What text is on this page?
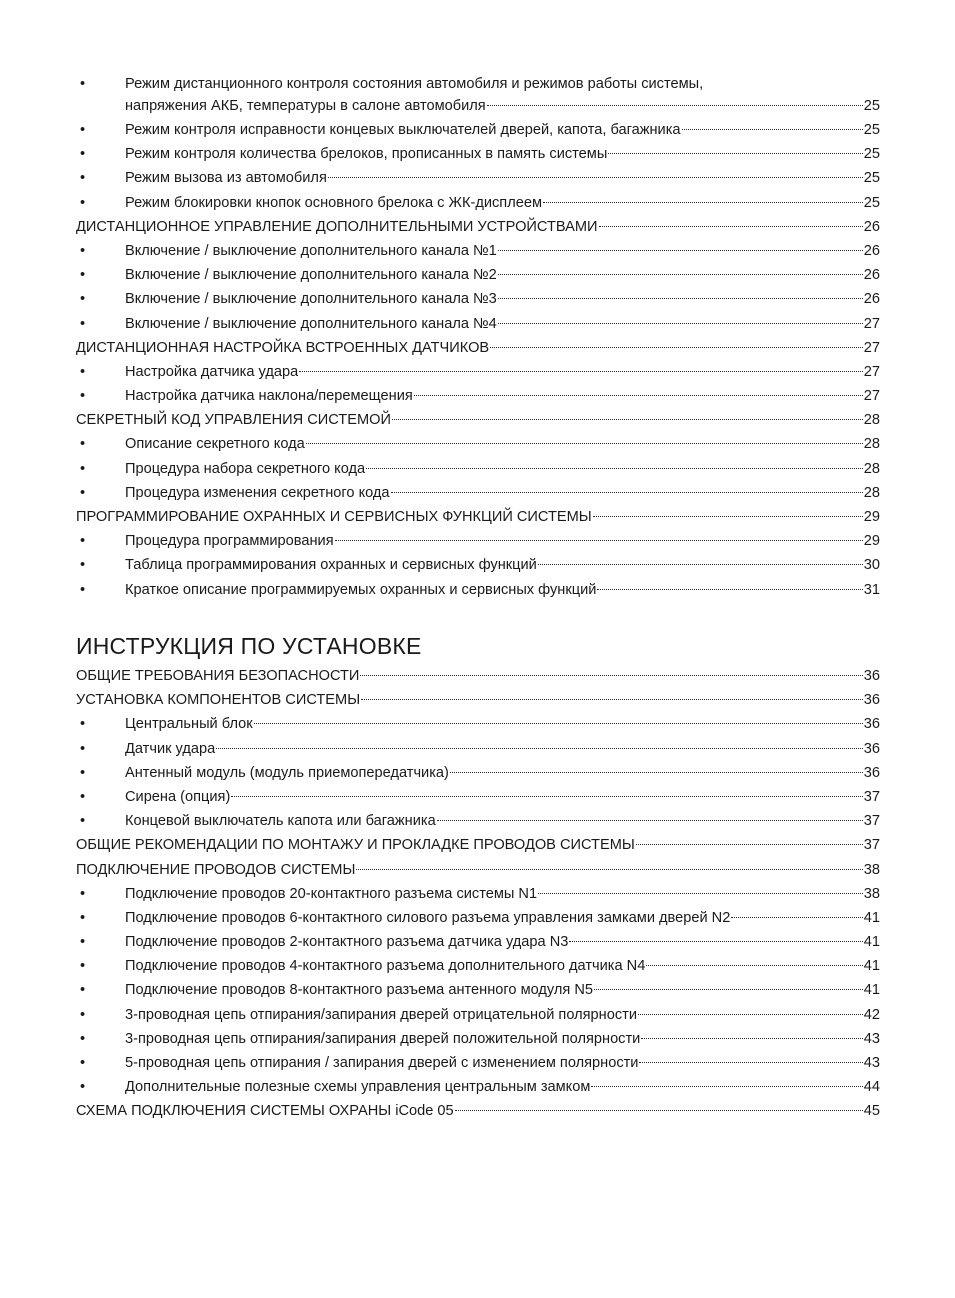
•	Режим дистанционного контроля состояния автомобиля и режимов работы системы,
напряжения АКБ, температуры в салоне автомобиля	25
•	Режим контроля исправности концевых выключателей дверей, капота, багажника	25
•	Режим контроля количества брелоков, прописанных в память системы	25
•	Режим вызова из автомобиля	25
•	Режим блокировки кнопок основного брелока с ЖК-дисплеем	25
ДИСТАНЦИОННОЕ УПРАВЛЕНИЕ ДОПОЛНИТЕЛЬНЫМИ УСТРОЙСТВАМИ	26
•	Включение / выключение дополнительного канала №1	26
•	Включение / выключение дополнительного канала №2	26
•	Включение / выключение дополнительного канала №3	26
•	Включение / выключение дополнительного канала №4	27
ДИСТАНЦИОННАЯ НАСТРОЙКА ВСТРОЕННЫХ ДАТЧИКОВ	27
•	Настройка датчика удара	27
•	Настройка датчика наклона/перемещения	27
СЕКРЕТНЫЙ КОД УПРАВЛЕНИЯ СИСТЕМОЙ	28
•	Описание секретного кода	28
•	Процедура набора секретного кода	28
•	Процедура изменения секретного кода	28
ПРОГРАММИРОВАНИЕ ОХРАННЫХ И СЕРВИСНЫХ ФУНКЦИЙ СИСТЕМЫ	29
•	Процедура программирования	29
•	Таблица программирования охранных и сервисных функций	30
•	Краткое описание программируемых охранных и сервисных функций	31
ИНСТРУКЦИЯ ПО УСТАНОВКЕ
ОБЩИЕ ТРЕБОВАНИЯ БЕЗОПАСНОСТИ	36
УСТАНОВКА КОМПОНЕНТОВ СИСТЕМЫ	36
•	Центральный блок	36
•	Датчик удара	36
•	Антенный модуль (модуль приемопередатчика)	36
•	Сирена (опция)	37
•	Концевой выключатель капота или багажника	37
ОБЩИЕ РЕКОМЕНДАЦИИ ПО МОНТАЖУ И ПРОКЛАДКЕ ПРОВОДОВ СИСТЕМЫ	37
ПОДКЛЮЧЕНИЕ ПРОВОДОВ СИСТЕМЫ	38
•	Подключение проводов 20-контактного разъема системы N1	38
•	Подключение проводов 6-контактного силового разъема управления замками дверей N2	41
•	Подключение проводов 2-контактного разъема датчика удара N3	41
•	Подключение проводов 4-контактного разъема дополнительного датчика N4	41
•	Подключение проводов 8-контактного разъема антенного модуля N5	41
•	3-проводная цепь отпирания/запирания дверей отрицательной полярности	42
•	3-проводная цепь отпирания/запирания дверей положительной полярности	43
•	5-проводная цепь отпирания / запирания дверей с изменением полярности	43
•	Дополнительные полезные схемы управления центральным замком	44
СХЕМА ПОДКЛЮЧЕНИЯ СИСТЕМЫ ОХРАНЫ iCode 05	45
